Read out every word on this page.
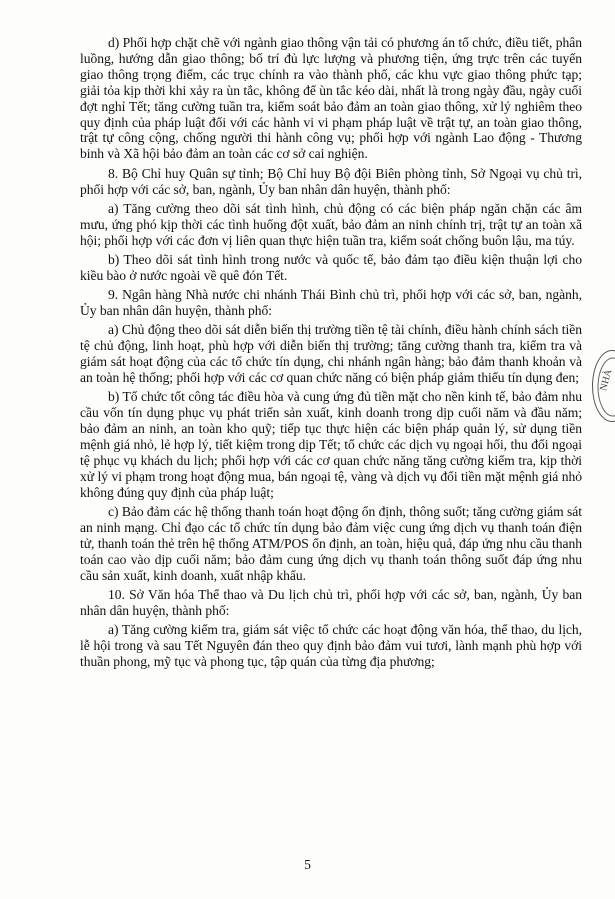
d) Phối hợp chặt chẽ với ngành giao thông vận tải có phương án tổ chức, điều tiết, phân luồng, hướng dẫn giao thông; bố trí đủ lực lượng và phương tiện, ứng trực trên các tuyến giao thông trọng điểm, các trục chính ra vào thành phố, các khu vực giao thông phức tạp; giải tỏa kịp thời khi xảy ra ùn tắc, không để ùn tắc kéo dài, nhất là trong ngày đầu, ngày cuối đợt nghỉ Tết; tăng cường tuần tra, kiểm soát bảo đảm an toàn giao thông, xử lý nghiêm theo quy định của pháp luật đối với các hành vi vi phạm pháp luật về trật tự, an toàn giao thông, trật tự công cộng, chống người thi hành công vụ; phối hợp với ngành Lao động - Thương binh và Xã hội bảo đảm an toàn các cơ sở cai nghiện.

8. Bộ Chỉ huy Quân sự tỉnh; Bộ Chỉ huy Bộ đội Biên phòng tỉnh, Sở Ngoại vụ chủ trì, phối hợp với các sở, ban, ngành, Ủy ban nhân dân huyện, thành phố:

a) Tăng cường theo dõi sát tình hình, chủ động có các biện pháp ngăn chặn các âm mưu, ứng phó kịp thời các tình huống đột xuất, bảo đảm an ninh chính trị, trật tự an toàn xã hội; phối hợp với các đơn vị liên quan thực hiện tuần tra, kiểm soát chống buôn lậu, ma túy.

b) Theo dõi sát tình hình trong nước và quốc tế, bảo đảm tạo điều kiện thuận lợi cho kiều bào ở nước ngoài về quê đón Tết.

9. Ngân hàng Nhà nước chi nhánh Thái Bình chủ trì, phối hợp với các sở, ban, ngành, Ủy ban nhân dân huyện, thành phố:

a) Chủ động theo dõi sát diễn biến thị trường tiền tệ tài chính, điều hành chính sách tiền tệ chủ động, linh hoạt, phù hợp với diễn biến thị trường; tăng cường thanh tra, kiểm tra và giám sát hoạt động của các tổ chức tín dụng, chi nhánh ngân hàng; bảo đảm thanh khoản và an toàn hệ thống; phối hợp với các cơ quan chức năng có biện pháp giảm thiểu tín dụng đen;

b) Tổ chức tốt công tác điều hòa và cung ứng đủ tiền mặt cho nền kinh tế, bảo đảm nhu cầu vốn tín dụng phục vụ phát triển sản xuất, kinh doanh trong dịp cuối năm và đầu năm; bảo đảm an ninh, an toàn kho quỹ; tiếp tục thực hiện các biện pháp quản lý, sử dụng tiền mệnh giá nhỏ, lẻ hợp lý, tiết kiệm trong dịp Tết; tổ chức các dịch vụ ngoại hối, thu đổi ngoại tệ phục vụ khách du lịch; phối hợp với các cơ quan chức năng tăng cường kiểm tra, kịp thời xử lý vi phạm trong hoạt động mua, bán ngoại tệ, vàng và dịch vụ đổi tiền mặt mệnh giá nhỏ không đúng quy định của pháp luật;

c) Bảo đảm các hệ thống thanh toán hoạt động ổn định, thông suốt; tăng cường giám sát an ninh mạng. Chỉ đạo các tổ chức tín dụng bảo đảm việc cung ứng dịch vụ thanh toán điện tử, thanh toán thẻ trên hệ thống ATM/POS ổn định, an toàn, hiệu quả, đáp ứng nhu cầu thanh toán cao vào dịp cuối năm; bảo đảm cung ứng dịch vụ thanh toán thông suốt đáp ứng nhu cầu sản xuất, kinh doanh, xuất nhập khẩu.

10. Sở Văn hóa Thể thao và Du lịch chủ trì, phối hợp với các sở, ban, ngành, Ủy ban nhân dân huyện, thành phố:

a) Tăng cường kiểm tra, giám sát việc tổ chức các hoạt động văn hóa, thể thao, du lịch, lễ hội trong và sau Tết Nguyên đán theo quy định bảo đảm vui tươi, lành mạnh phù hợp với thuần phong, mỹ tục và phong tục, tập quán của từng địa phương;

NHÀ
5
